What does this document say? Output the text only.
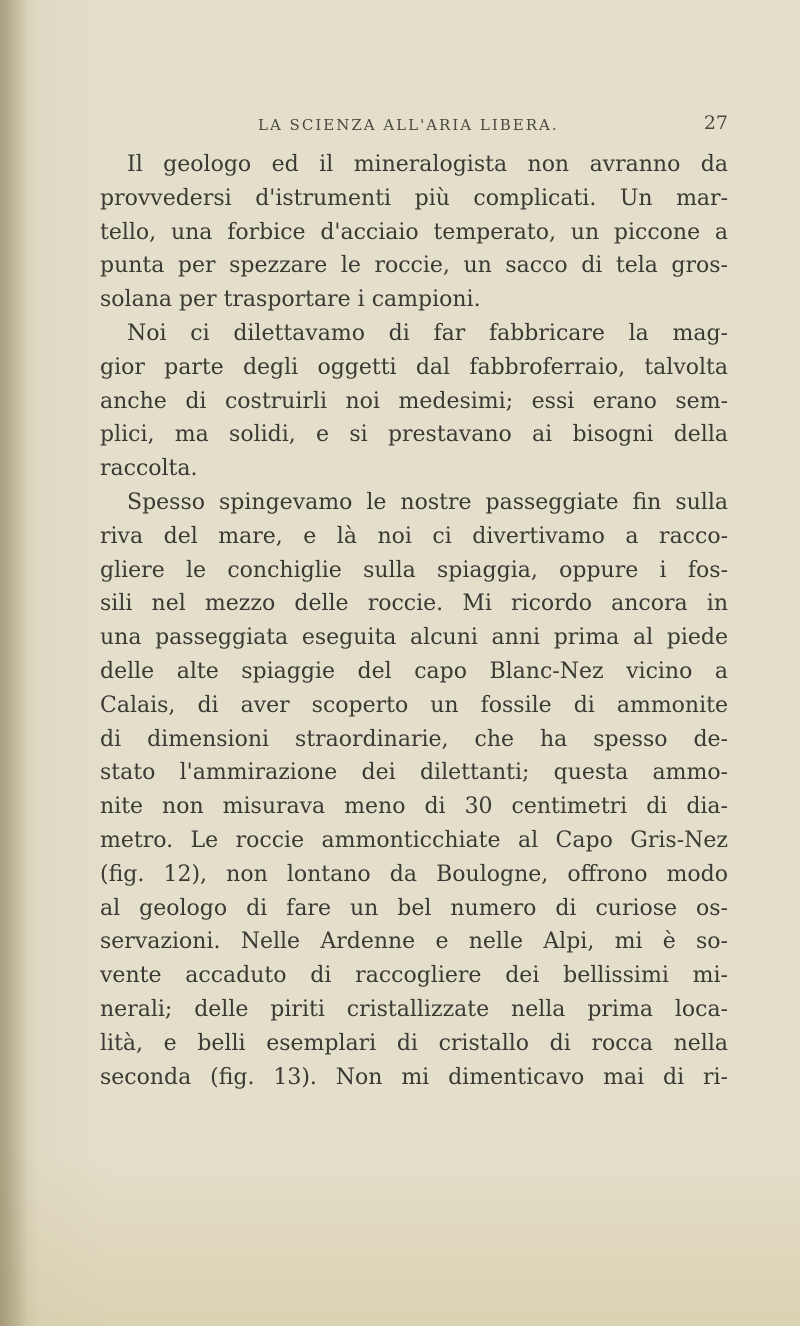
LA SCIENZA ALL'ARIA LIBERA.	27
Il geologo ed il mineralogista non avranno da
provvedersi d'istrumenti più complicati. Un mar-
tello, una forbice d'acciaio temperato, un piccone a
punta per spezzare le roccie, un sacco di tela gros-
solana per trasportare i campioni.
Noi ci dilettavamo di far fabbricare la mag-
gior parte degli oggetti dal fabbroferraio, talvolta
anche di costruirli noi medesimi; essi erano sem-
plici, ma solidi, e si prestavano ai bisogni della
raccolta.
Spesso spingevamo le nostre passeggiate fin sulla
riva del mare, e là noi ci divertivamo a racco-
gliere le conchiglie sulla spiaggia, oppure i fos-
sili nel mezzo delle roccie. Mi ricordo ancora in
una passeggiata eseguita alcuni anni prima al piede
delle alte spiaggie del capo Blanc-Nez vicino a
Calais, di aver scoperto un fossile di ammonite
di dimensioni straordinarie, che ha spesso de-
stato l'ammirazione dei dilettanti; questa ammo-
nite non misurava meno di 30 centimetri di dia-
metro. Le roccie ammonticchiate al Capo Gris-Nez
(fig. 12), non lontano da Boulogne, offrono modo
al geologo di fare un bel numero di curiose os-
servazioni. Nelle Ardenne e nelle Alpi, mi è so-
vente accaduto di raccogliere dei bellissimi mi-
nerali; delle piriti cristallizzate nella prima loca-
lità, e belli esemplari di cristallo di rocca nella
seconda (fig. 13). Non mi dimenticavo mai di ri-
